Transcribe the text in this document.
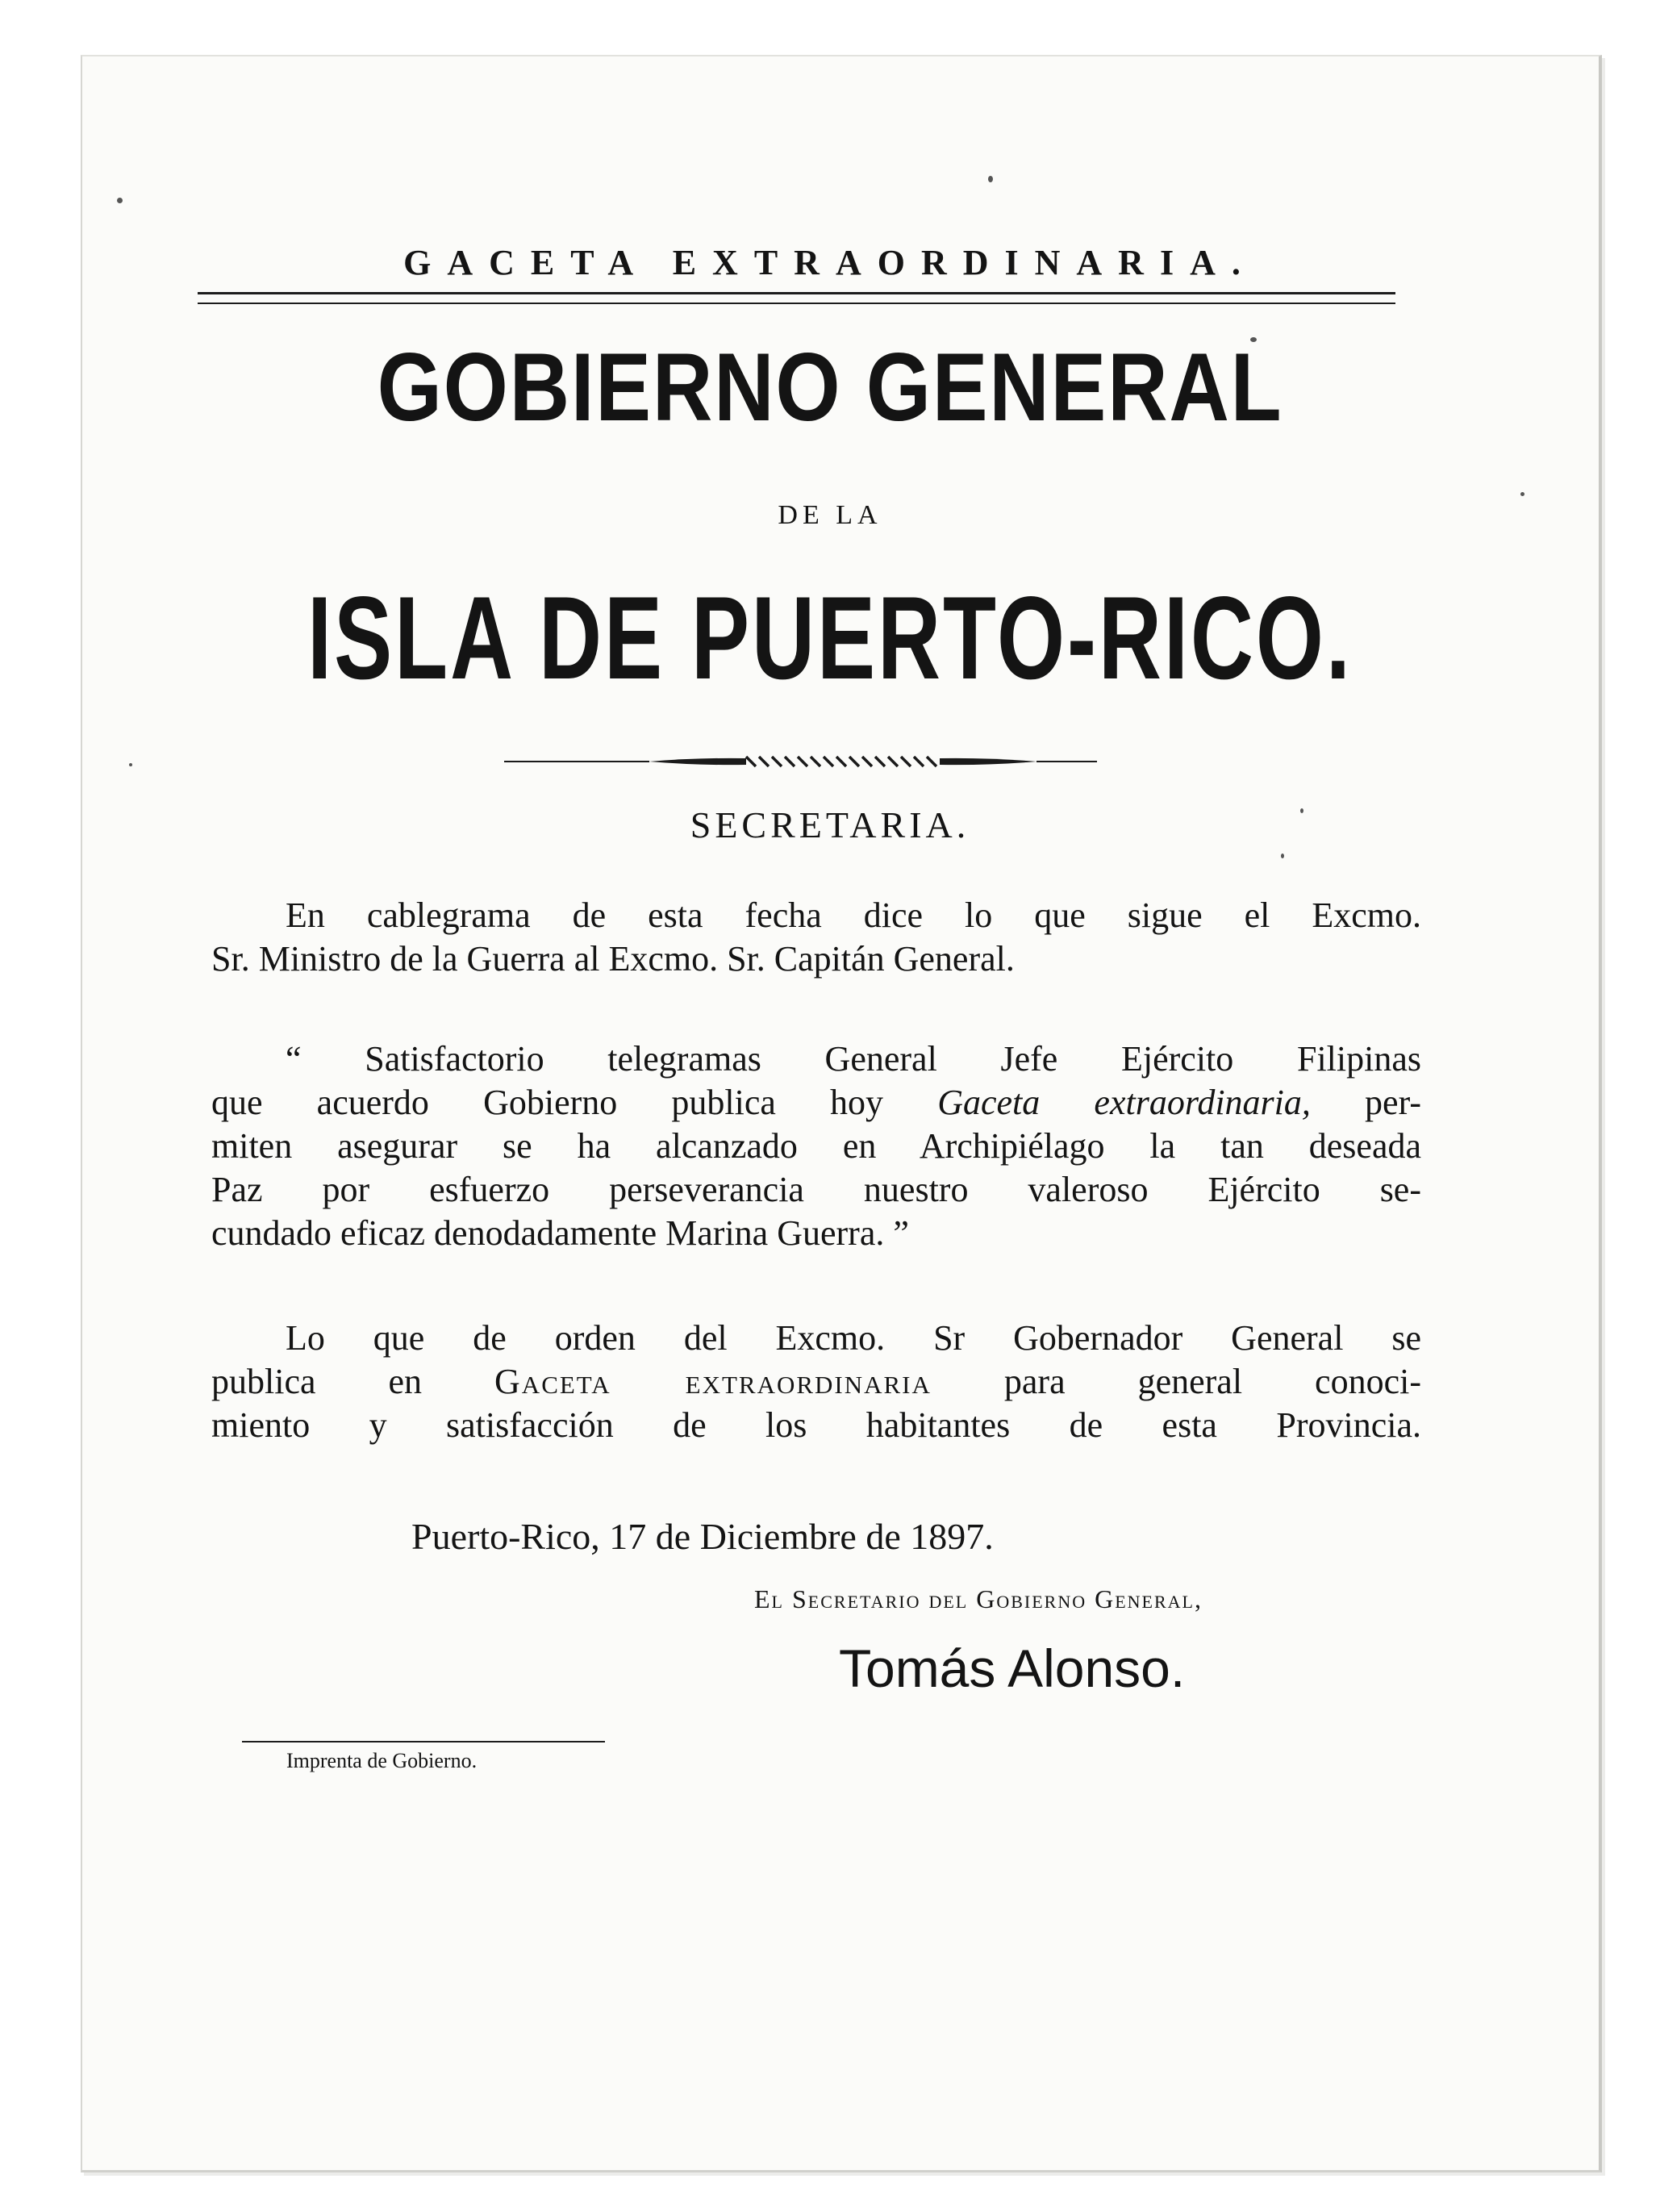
GACETA EXTRAORDINARIA.
GOBIERNO GENERAL
DE LA
ISLA DE PUERTO-RICO.
SECRETARIA.
En cablegrama de esta fecha dice lo que sigue el Excmo.
Sr. Ministro de la Guerra al Excmo. Sr. Capitán General.
“ Satisfactorio telegramas General Jefe Ejército Filipinas
que acuerdo Gobierno publica hoy Gaceta extraordinaria, per-
miten asegurar se ha alcanzado en Archipiélago la tan deseada
Paz por esfuerzo perseverancia nuestro valeroso Ejército se-
cundado eficaz denodadamente Marina Guerra. ”
Lo que de orden del Excmo. Sr Gobernador General se
publica en Gaceta extraordinaria para general conoci-
miento y satisfacción de los habitantes de esta Provincia.
Puerto-Rico, 17 de Diciembre de 1897.
El Secretario del Gobierno General,
Tomás Alonso.
Imprenta de Gobierno.
